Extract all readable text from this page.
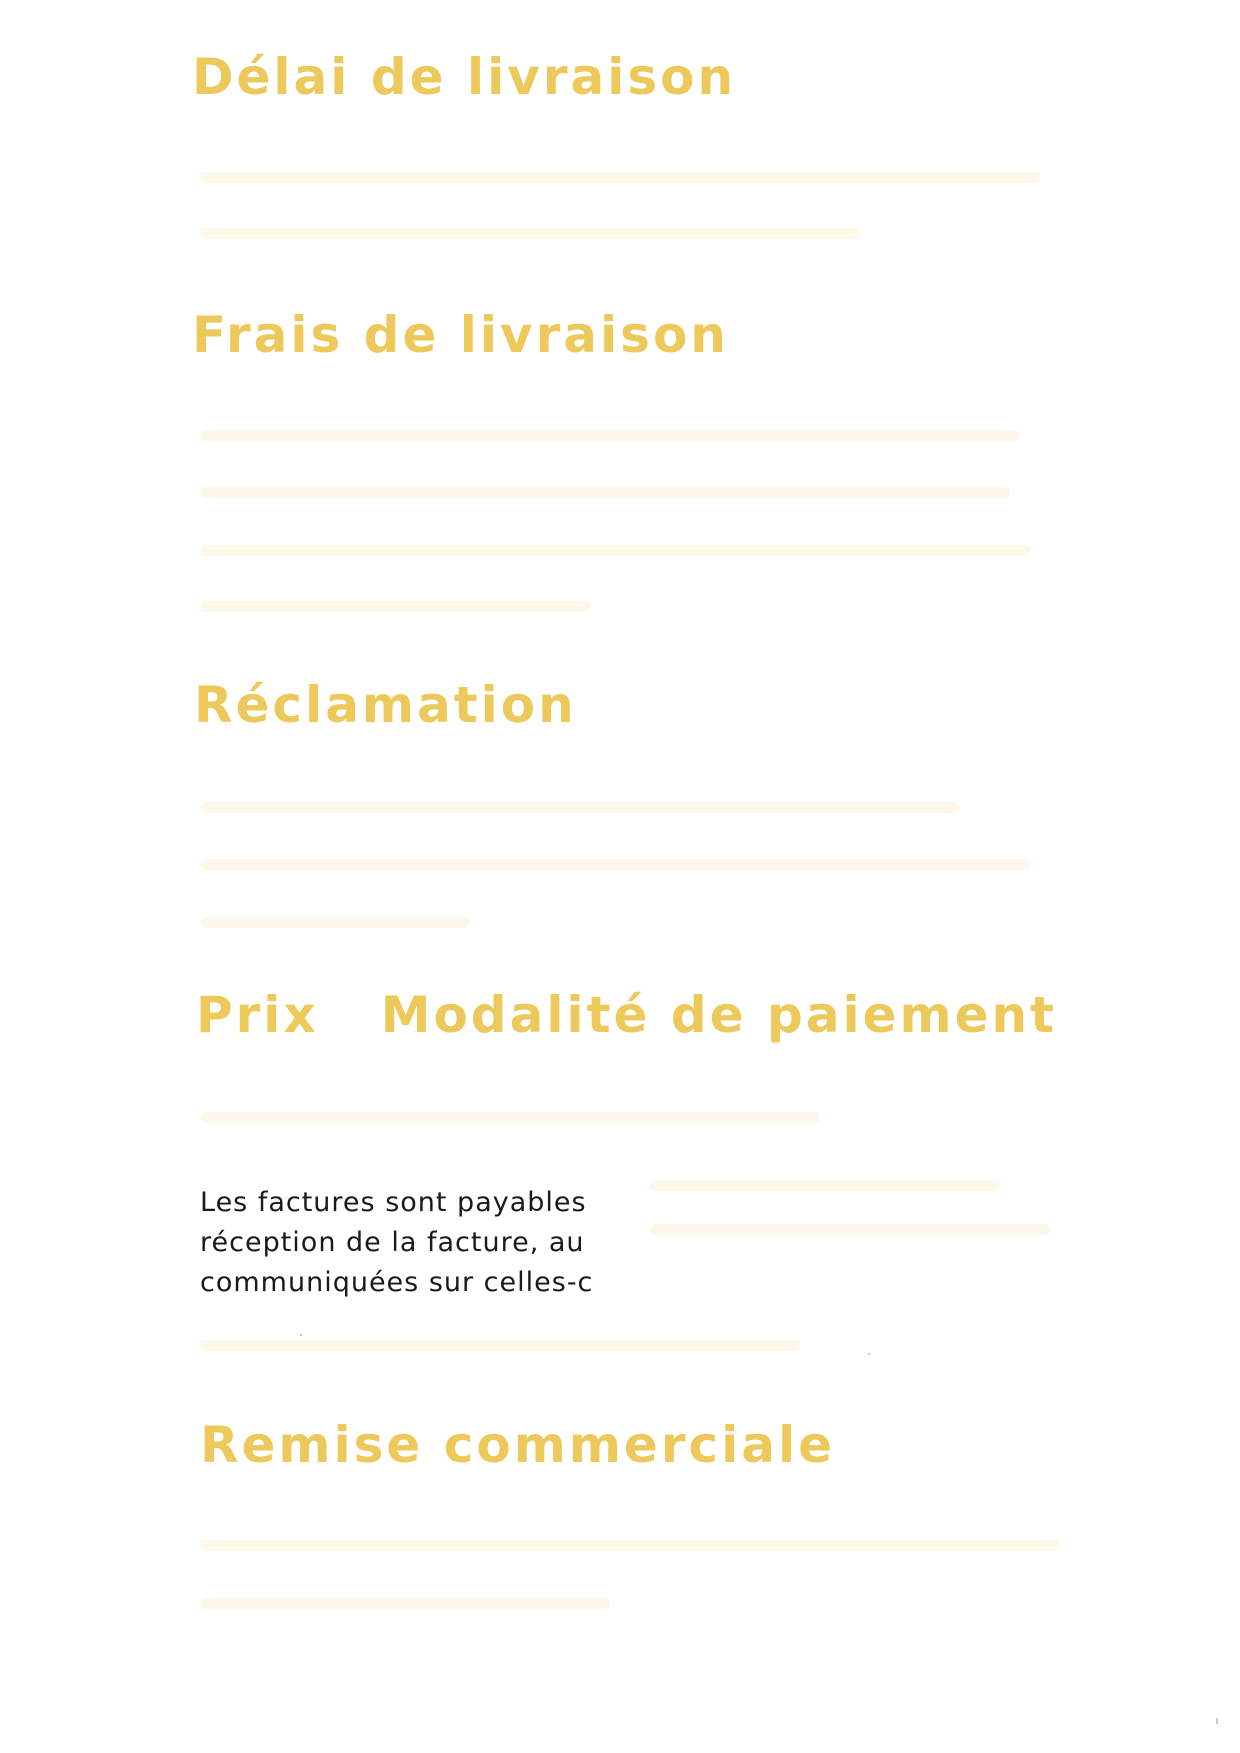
Délai de livraison
Frais de livraison
Réclamation
Prix Modalité de paiement

Les factures sont payables
réception de la facture, au
communiquées sur celles-c

Remise commerciale
